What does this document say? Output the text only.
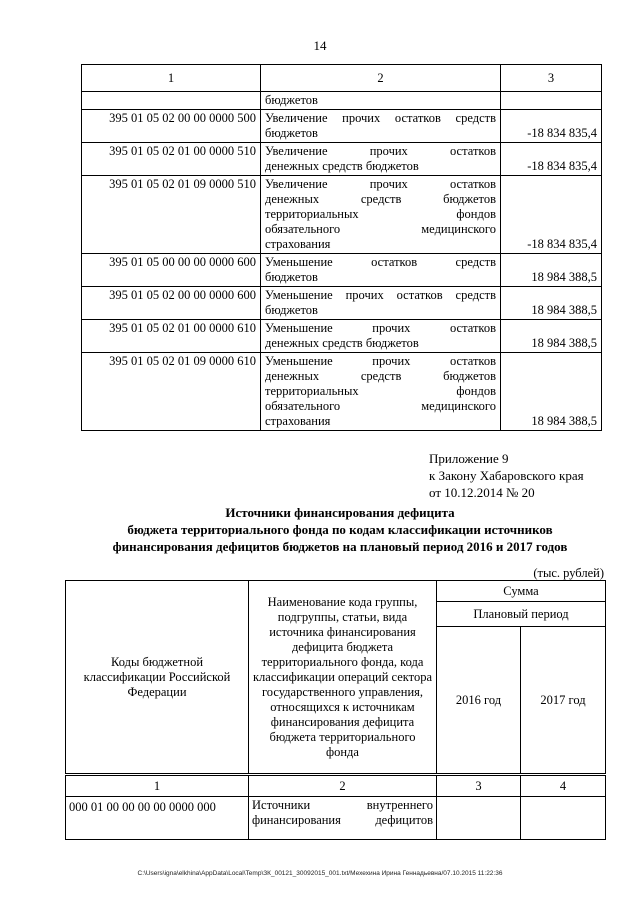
14
1	2	3

	бюджетов	

395 01 05 02 00 00 0000 500	Увеличение прочих остатков средств
бюджетов	-18 834 835,4
395 01 05 02 01 00 0000 510	Увеличение прочих остатков
денежных средств бюджетов	-18 834 835,4
395 01 05 02 01 09 0000 510	Увеличение прочих остатков
денежных средств бюджетов
территориальных фондов
обязательного медицинского
страхования	-18 834 835,4
395 01 05 00 00 00 0000 600	Уменьшение остатков средств
бюджетов	18 984 388,5
395 01 05 02 00 00 0000 600	Уменьшение прочих остатков средств
бюджетов	18 984 388,5
395 01 05 02 01 00 0000 610	Уменьшение прочих остатков
денежных средств бюджетов	18 984 388,5
395 01 05 02 01 09 0000 610	Уменьшение прочих остатков
денежных средств бюджетов
территориальных фондов
обязательного медицинского
страхования	18 984 388,5
Приложение 9
к Закону Хабаровского края
от 10.12.2014 № 20
Источники финансирования дефицита
бюджета территориального фонда по кодам классификации источников
финансирования дефицитов бюджетов на плановый период 2016 и 2017 годов
(тыс. рублей)
Коды бюджетной классификации Российской Федерации	Наименование кода группы, подгруппы, статьи, вида источника финансирования дефицита бюджета территориального фонда, кода классификации операций сектора государственного управления, относящихся к источникам финансирования дефицита бюджета территориального фонда	Сумма	
		Плановый период	
		2016 год	2017 год
1	2	3	4
000 01 00 00 00 00 0000 000	Источники внутреннего
финансирования дефицитов		

C:\Users\igna\elkhina\AppData\Local\Temp\ЗК_00121_30092015_001.txt/Мехехина Ирина Геннадьевна/07.10.2015 11:22:36
